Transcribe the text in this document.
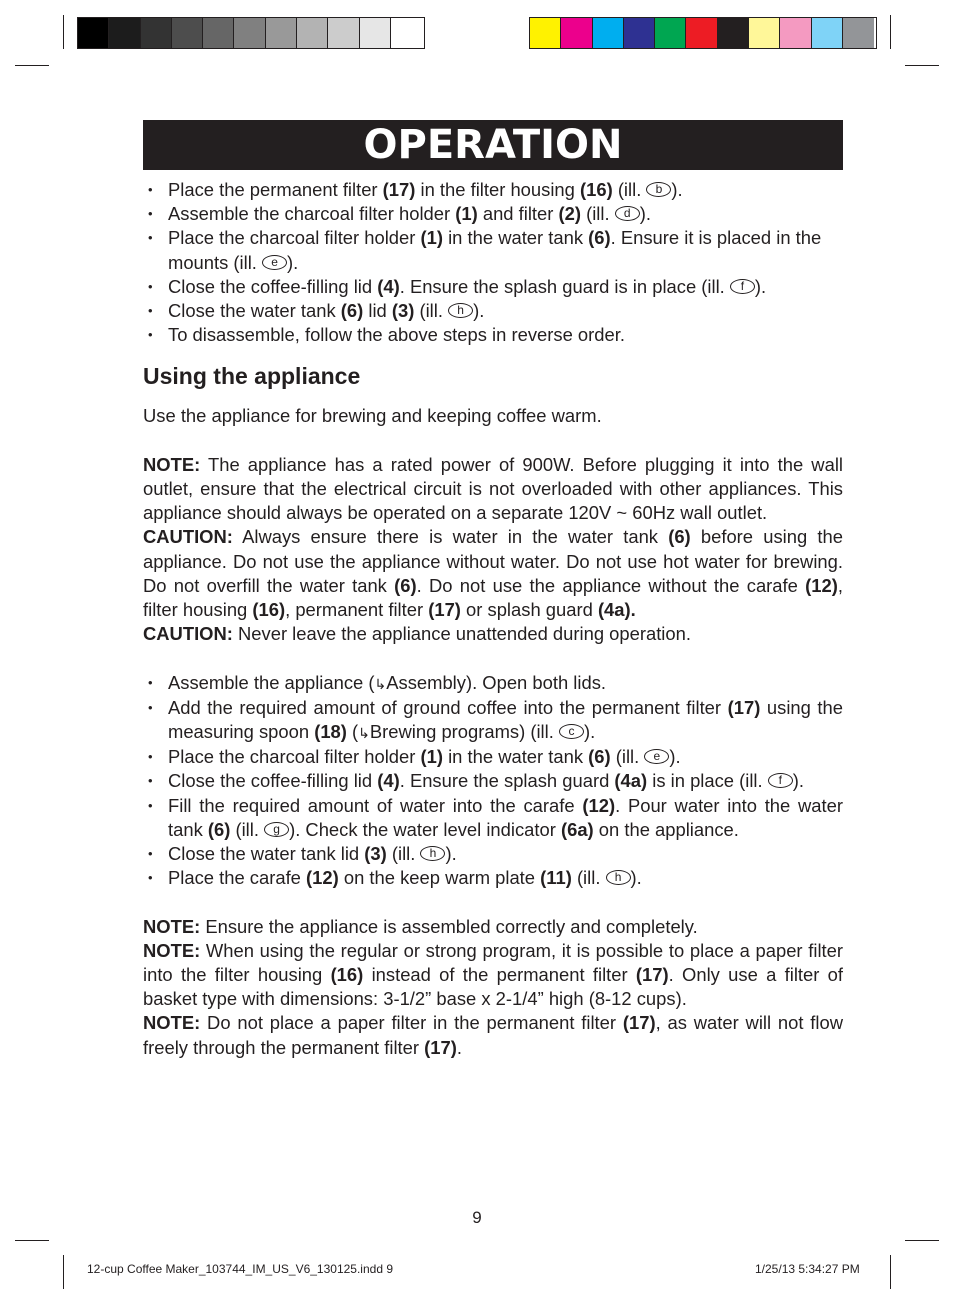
OPERATION
• Place the permanent filter (17) in the filter housing (16) (ill. b ).
• Assemble the charcoal filter holder (1) and filter (2) (ill. d ).
• Place the charcoal filter holder (1) in the water tank (6). Ensure it is placed in the mounts (ill. e ).
• Close the coffee-filling lid (4). Ensure the splash guard is in place (ill. f ).
• Close the water tank (6) lid (3) (ill. h ).
• To disassemble, follow the above steps in reverse order.
Using the appliance

Use the appliance for brewing and keeping coffee warm.

NOTE: The appliance has a rated power of 900W. Before plugging it into the wall outlet, ensure that the electrical circuit is not overloaded with other appliances. This appliance should always be operated on a separate 120V ~ 60Hz wall outlet.

CAUTION: Always ensure there is water in the water tank (6) before using the appliance. Do not use the appliance without water. Do not use hot water for brewing. Do not overfill the water tank (6). Do not use the appliance without the carafe (12), filter housing (16), permanent filter (17) or splash guard (4a).

CAUTION: Never leave the appliance unattended during operation.

• Assemble the appliance (↳Assembly). Open both lids.
• Add the required amount of ground coffee into the permanent filter (17) using the measuring spoon (18) (↳Brewing programs) (ill. c ).
• Place the charcoal filter holder (1) in the water tank (6) (ill. e ).
• Close the coffee-filling lid (4). Ensure the splash guard (4a) is in place (ill. f ).
• Fill the required amount of water into the carafe (12). Pour water into the water tank (6) (ill. g ). Check the water level indicator (6a) on the appliance.
• Close the water tank lid (3) (ill. h ).
• Place the carafe (12) on the keep warm plate (11) (ill. h ).

NOTE: Ensure the appliance is assembled correctly and completely.

NOTE: When using the regular or strong program, it is possible to place a paper filter into the filter housing (16) instead of the permanent filter (17). Only use a filter of basket type with dimensions: 3-1/2” base x 2-1/4” high (8-12 cups).

NOTE: Do not place a paper filter in the permanent filter (17), as water will not flow freely through the permanent filter (17).

9
12-cup Coffee Maker_103744_IM_US_V6_130125.indd 9	1/25/13 5:34:27 PM
